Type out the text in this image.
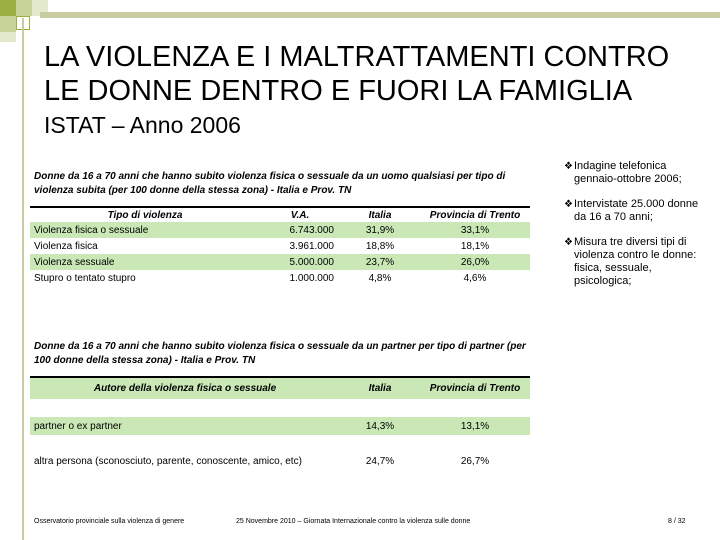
LA VIOLENZA E I MALTRATTAMENTI CONTRO
LE DONNE DENTRO E FUORI LA FAMIGLIA
ISTAT – Anno 2006
Donne da 16 a 70 anni che hanno subito violenza fisica o sessuale da un uomo qualsiasi per tipo di violenza subita (per 100 donne della stessa zona) - Italia e Prov. TN
Tipo di violenza	V.A.	Italia	Provincia di Trento
Violenza fisica o sessuale	6.743.000	31,9%	33,1%
Violenza fisica	3.961.000	18,8%	18,1%
Violenza sessuale	5.000.000	23,7%	26,0%
Stupro o tentato stupro	1.000.000	4,8%	4,6%
Donne da 16 a 70 anni che hanno subito violenza fisica o sessuale da un partner per tipo di partner (per 100 donne della stessa zona) - Italia e Prov. TN
Autore della violenza fisica o sessuale	Italia	Provincia di Trento

partner o ex partner	14,3%	13,1%
altra persona (sconosciuto, parente, conoscente, amico, etc)	24,7%	26,7%
❖ Indagine telefonica gennaio-ottobre 2006;
❖ Intervistate 25.000 donne da 16 a 70 anni;
❖ Misura tre diversi tipi di violenza contro le donne: fisica, sessuale, psicologica;
Osservatorio provinciale sulla violenza di genere	25 Novembre 2010 – Giornata Internazionale contro la violenza sulle donne	8 / 32
